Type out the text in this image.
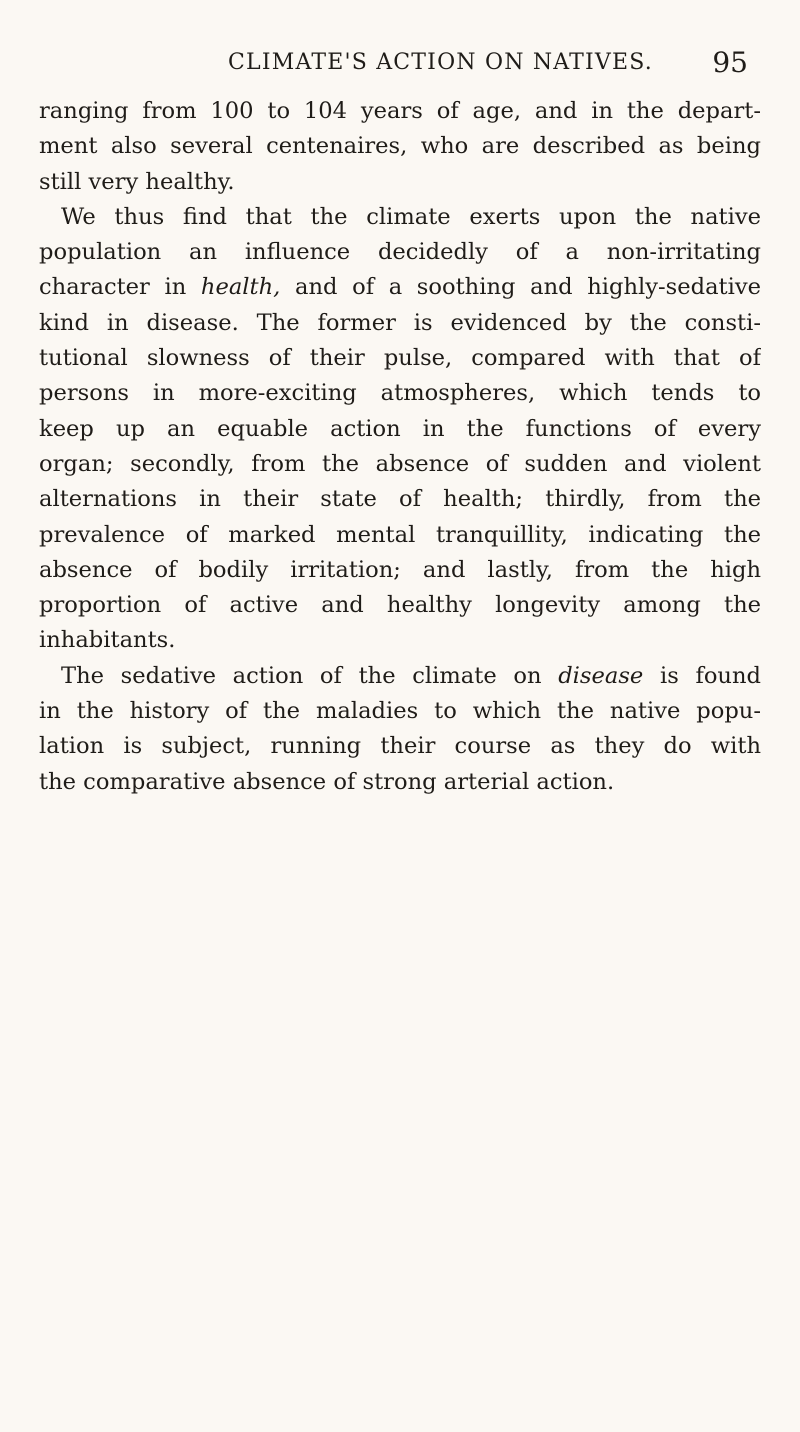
CLIMATE'S ACTION ON NATIVES. 95
ranging from 100 to 104 years of age, and in the depart-
ment also several centenaires, who are described as being
still very healthy.
We thus find that the climate exerts upon the native
population an influence decidedly of a non-irritating
character in health, and of a soothing and highly-sedative
kind in disease. The former is evidenced by the consti-
tutional slowness of their pulse, compared with that of
persons in more-exciting atmospheres, which tends to
keep up an equable action in the functions of every
organ; secondly, from the absence of sudden and violent
alternations in their state of health; thirdly, from the
prevalence of marked mental tranquillity, indicating the
absence of bodily irritation; and lastly, from the high
proportion of active and healthy longevity among the
inhabitants.
The sedative action of the climate on disease is found
in the history of the maladies to which the native popu-
lation is subject, running their course as they do with
the comparative absence of strong arterial action.
